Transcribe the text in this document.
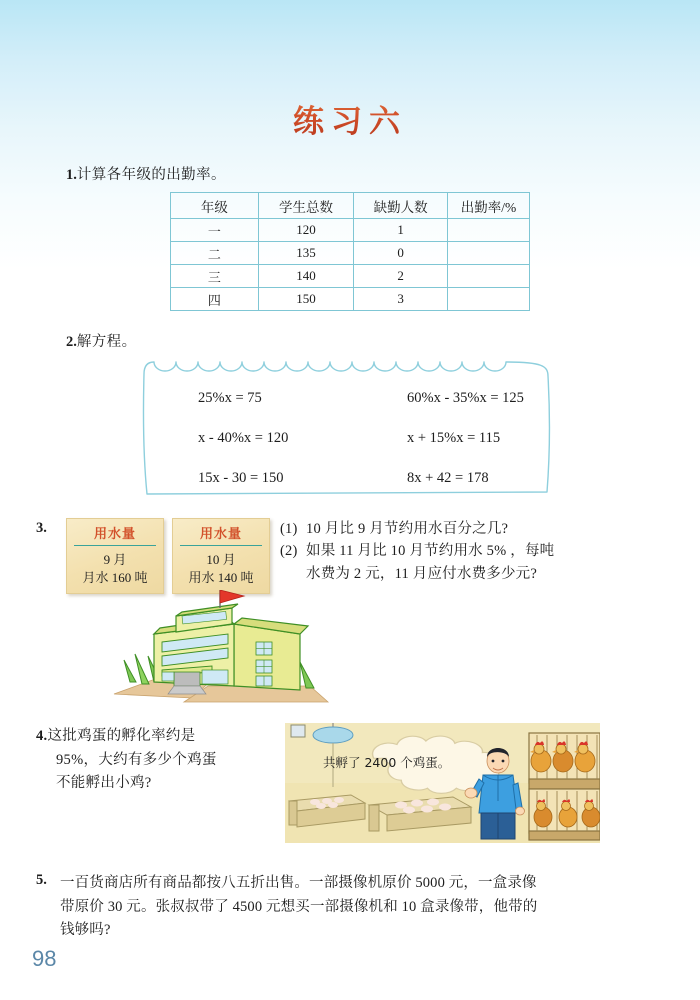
练习六
1.计算各年级的出勤率。
年级	学生总数	缺勤人数	出勤率/%
一	120	1	
二	135	0	
三	140	2	
四	150	3	
2.解方程。
25%x = 75	60%x - 35%x = 125
x - 40%x = 120	x + 15%x = 115
15x - 30 = 150	8x + 42 = 178
3.	用水量
9 月
月水 160 吨
用水量
10 月
用水 140 吨
(1) 10 月比 9 月节约用水百分之几?
(2) 如果 11 月比 10 月节约用水 5% ，每吨
水费为 2 元，11 月应付水费多少元?
4.这批鸡蛋的孵化率约是
95%，大约有多少个鸡蛋
不能孵出小鸡?
共孵了 2400 个鸡蛋。
5. 一百货商店所有商品都按八五折出售。一部摄像机原价 5000 元，一盒录像
带原价 30 元。张叔叔带了 4500 元想买一部摄像机和 10 盒录像带，他带的
钱够吗?
98
